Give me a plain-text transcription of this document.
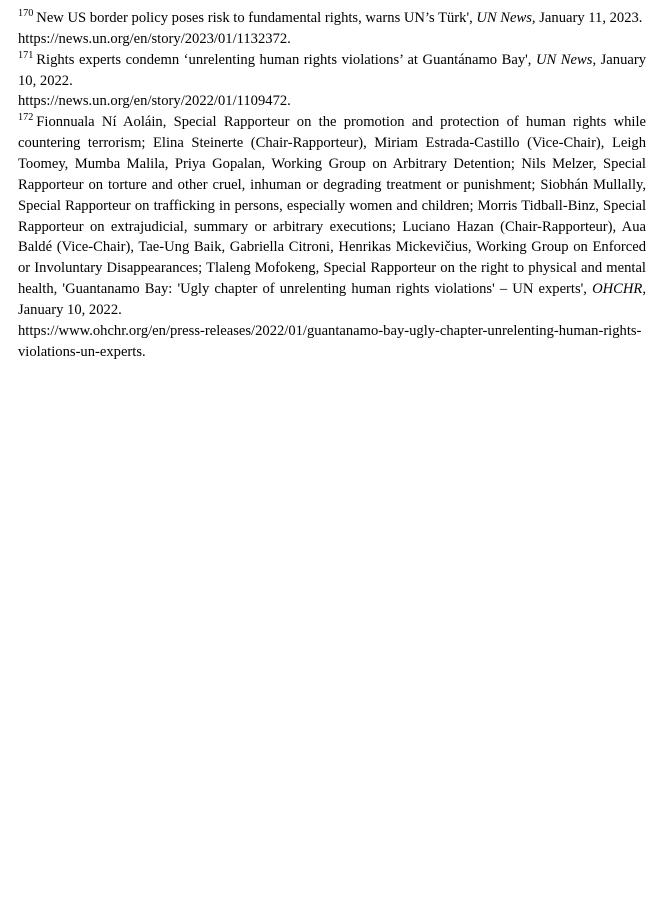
$^{170}$ New US border policy poses risk to fundamental rights, warns UN’s Türk', UN News, January 11, 2023.

https://news.un.org/en/story/2023/01/1132372.

$^{171}$ Rights experts condemn ‘unrelenting human rights violations’ at Guantánamo Bay', UN News, January 10, 2022.

https://news.un.org/en/story/2022/01/1109472.

$^{172}$ Fionnuala Ní Aoláin, Special Rapporteur on the promotion and protection of human rights while countering terrorism; Elina Steinerte (Chair-Rapporteur), Miriam Estrada-Castillo (Vice-Chair), Leigh Toomey, Mumba Malila, Priya Gopalan, Working Group on Arbitrary Detention; Nils Melzer, Special Rapporteur on torture and other cruel, inhuman or degrading treatment or punishment; Siobhán Mullally, Special Rapporteur on trafficking in persons, especially women and children; Morris Tidball-Binz, Special Rapporteur on extrajudicial, summary or arbitrary executions; Luciano Hazan (Chair-Rapporteur), Aua Baldé (Vice-Chair), Tae-Ung Baik, Gabriella Citroni, Henrikas Mickevičius, Working Group on Enforced or Involuntary Disappearances; Tlaleng Mofokeng, Special Rapporteur on the right to physical and mental health, 'Guantanamo Bay: 'Ugly chapter of unrelenting human rights violations' – UN experts', OHCHR, January 10, 2022.

https://www.ohchr.org/en/press-releases/2022/01/guantanamo-bay-ugly-chapter-unrelenting-human-rights-violations-un-experts.
